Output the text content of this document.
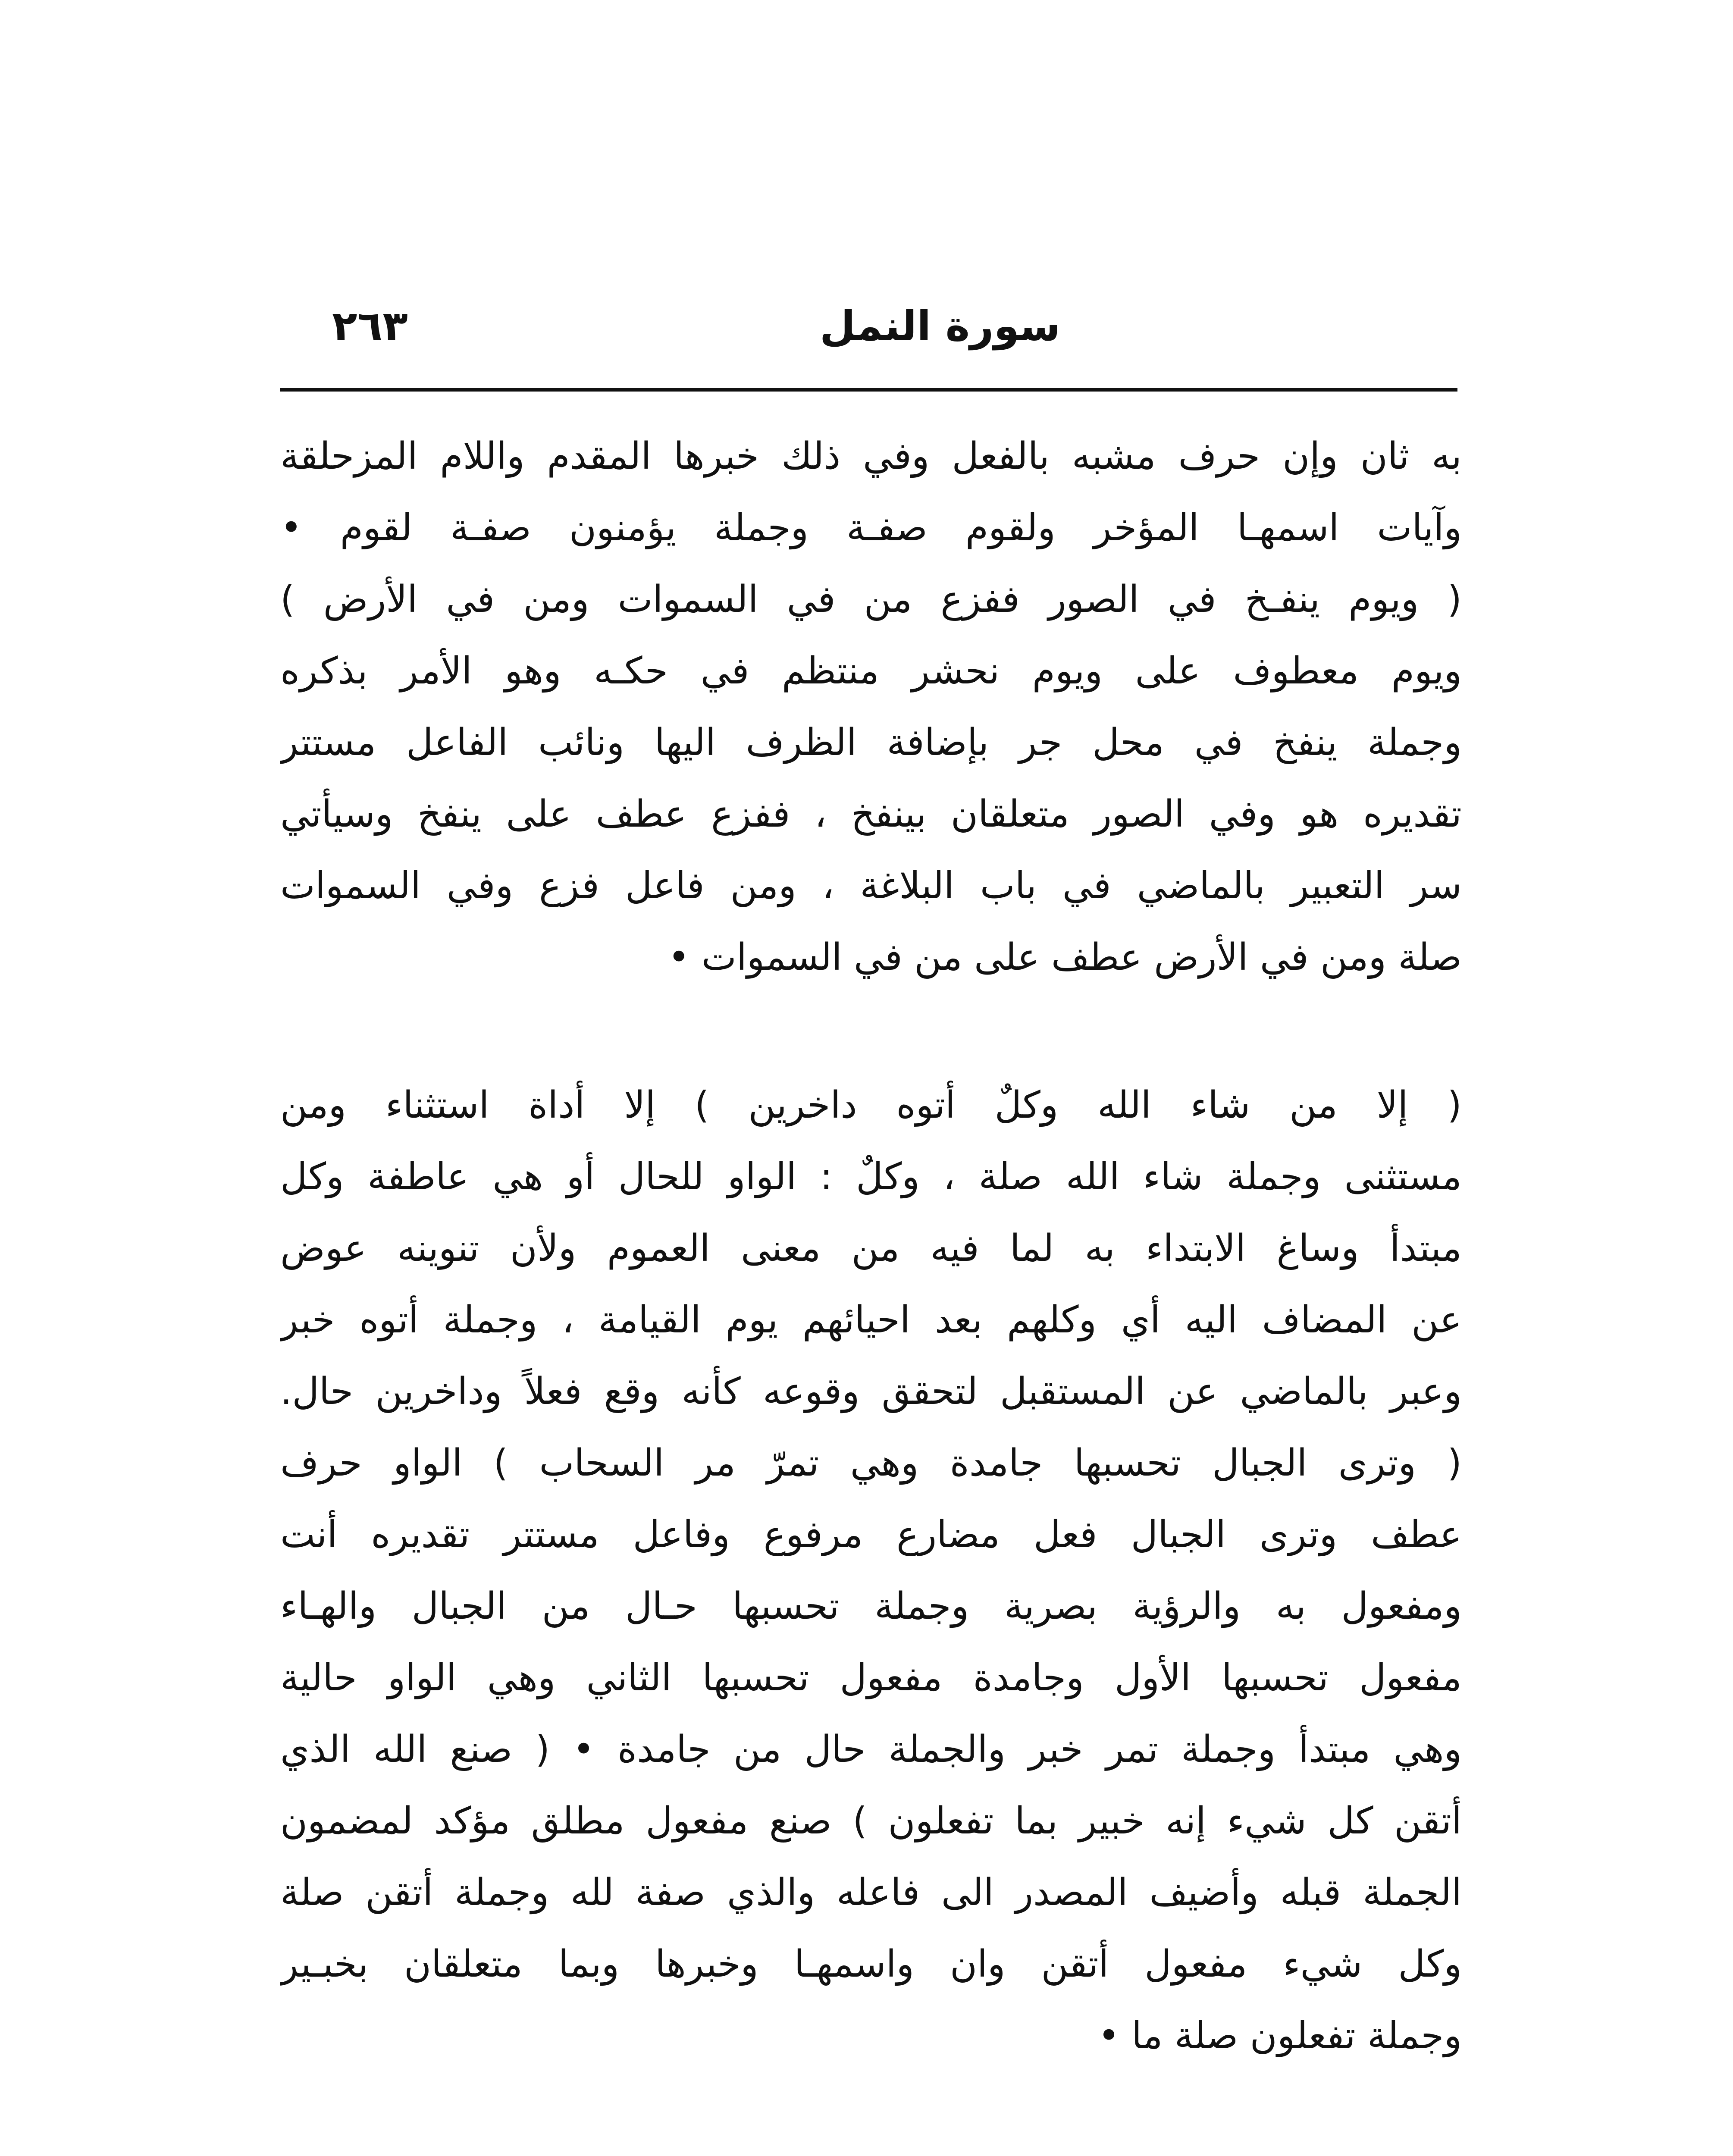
٢٦٣	سورة النمل
به ثان وإن حرف مشبه بالفعل وفي ذلك خبرها المقدم واللام المزحلقة
وآيات اسمهـا المؤخر ولقوم صفـة وجملة يؤمنون صفـة لقوم •
( ويوم ينفـخ في الصور ففزع من في السموات ومن في الأرض )
ويوم معطوف على ويوم نحشر منتظم في حكـه وهو الأمر بذكره
وجملة ينفخ في محل جر بإضافة الظرف اليها ونائب الفاعل مستتر
تقديره هو وفي الصور متعلقان بينفخ ، ففزع عطف على ينفخ وسيأتي
سر التعبير بالماضي في باب البلاغة ، ومن فاعل فزع وفي السموات
صلة ومن في الأرض عطف على من في السموات •
( إلا من شاء الله وكلٌ أتوه داخرين ) إلا أداة استثناء ومن
مستثنى وجملة شاء الله صلة ، وكلٌ : الواو للحال أو هي عاطفة وكل
مبتدأ وساغ الابتداء به لما فيه من معنى العموم ولأن تنوينه عوض
عن المضاف اليه أي وكلهم بعد احيائهم يوم القيامة ، وجملة أتوه خبر
وعبر بالماضي عن المستقبل لتحقق وقوعه كأنه وقع فعلاً وداخرين حال.
( وترى الجبال تحسبها جامدة وهي تمرّ مر السحاب ) الواو حرف
عطف وترى الجبال فعل مضارع مرفوع وفاعل مستتر تقديره أنت
ومفعول به والرؤية بصرية وجملة تحسبها حـال من الجبال والهـاء
مفعول تحسبها الأول وجامدة مفعول تحسبها الثاني وهي الواو حالية
وهي مبتدأ وجملة تمر خبر والجملة حال من جامدة • ( صنع الله الذي
أتقن كل شيء إنه خبير بما تفعلون ) صنع مفعول مطلق مؤكد لمضمون
الجملة قبله وأضيف المصدر الى فاعله والذي صفة لله وجملة أتقن صلة
وكل شيء مفعول أتقن وان واسمهـا وخبرها وبما متعلقان بخبـير
وجملة تفعلون صلة ما •
